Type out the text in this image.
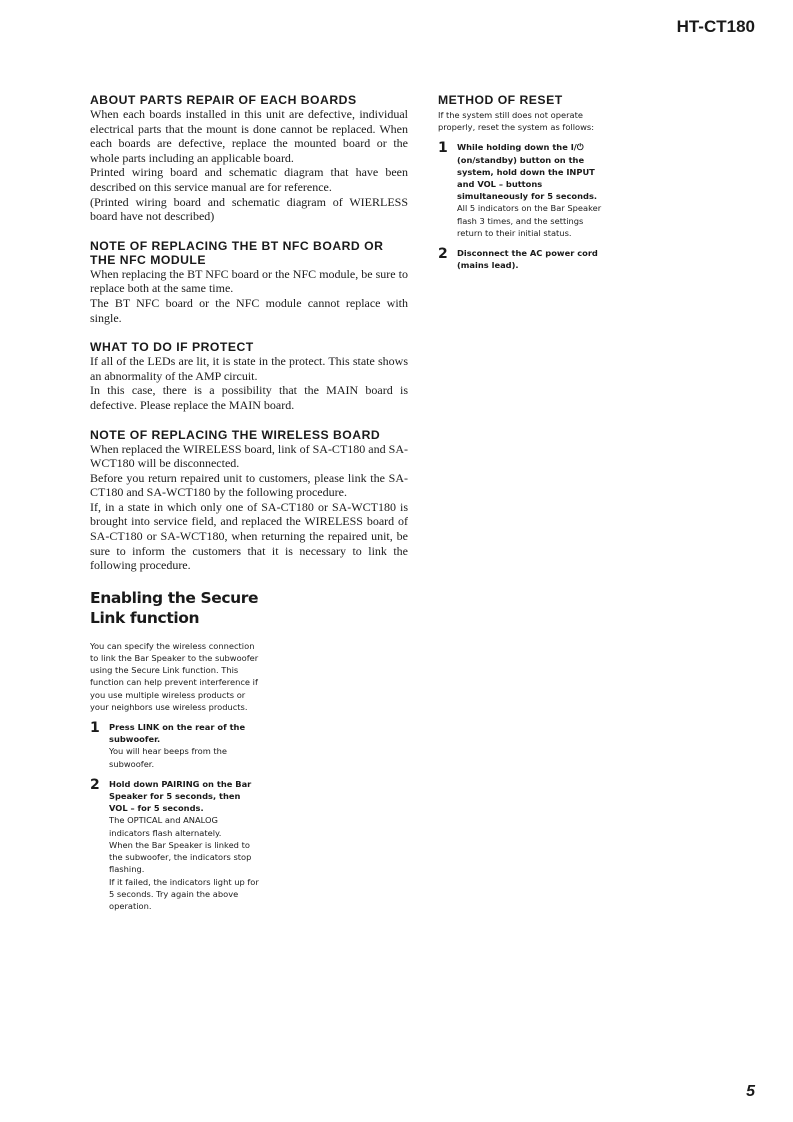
HT-CT180

ABOUT PARTS REPAIR OF EACH BOARDS

When each boards installed in this unit are defective, individual electrical parts that the mount is done cannot be replaced. When each boards are defective, replace the mounted board or the whole parts including an applicable board.
Printed wiring board and schematic diagram that have been described on this service manual are for reference.
(Printed wiring board and schematic diagram of WIERLESS board have not described)

NOTE OF REPLACING THE BT NFC BOARD OR THE NFC MODULE

When replacing the BT NFC board or the NFC module, be sure to replace both at the same time.
The BT NFC board or the NFC module cannot replace with single.

WHAT TO DO IF PROTECT

If all of the LEDs are lit, it is state in the protect. This state shows an abnormality of the AMP circuit.
In this case, there is a possibility that the MAIN board is defective. Please replace the MAIN board.

NOTE OF REPLACING THE WIRELESS BOARD

When replaced the WIRELESS board, link of SA-CT180 and SA-WCT180 will be disconnected.
Before you return repaired unit to customers, please link the SA-CT180 and SA-WCT180 by the following procedure.
If, in a state in which only one of SA-CT180 or SA-WCT180 is brought into service field, and replaced the WIRELESS board of SA-CT180 or SA-WCT180, when returning the repaired unit, be sure to inform the customers that it is necessary to link the following procedure.

Enabling the Secure Link function

You can specify the wireless connection to link the Bar Speaker to the subwoofer using the Secure Link function. This function can help prevent interference if you use multiple wireless products or your neighbors use wireless products.

1	Press LINK on the rear of the subwoofer.

You will hear beeps from the subwoofer.

2	Hold down PAIRING on the Bar Speaker for 5 seconds, then VOL – for 5 seconds.

The OPTICAL and ANALOG indicators flash alternately.
When the Bar Speaker is linked to the subwoofer, the indicators stop flashing.
If it failed, the indicators light up for 5 seconds. Try again the above operation.

METHOD OF RESET

If the system still does not operate properly, reset the system as follows:

1	While holding down the I/⏻ (on/standby) button on the system, hold down the INPUT and VOL – buttons simultaneously for 5 seconds.

All 5 indicators on the Bar Speaker flash 3 times, and the settings return to their initial status.

2	Disconnect the AC power cord (mains lead).

5
